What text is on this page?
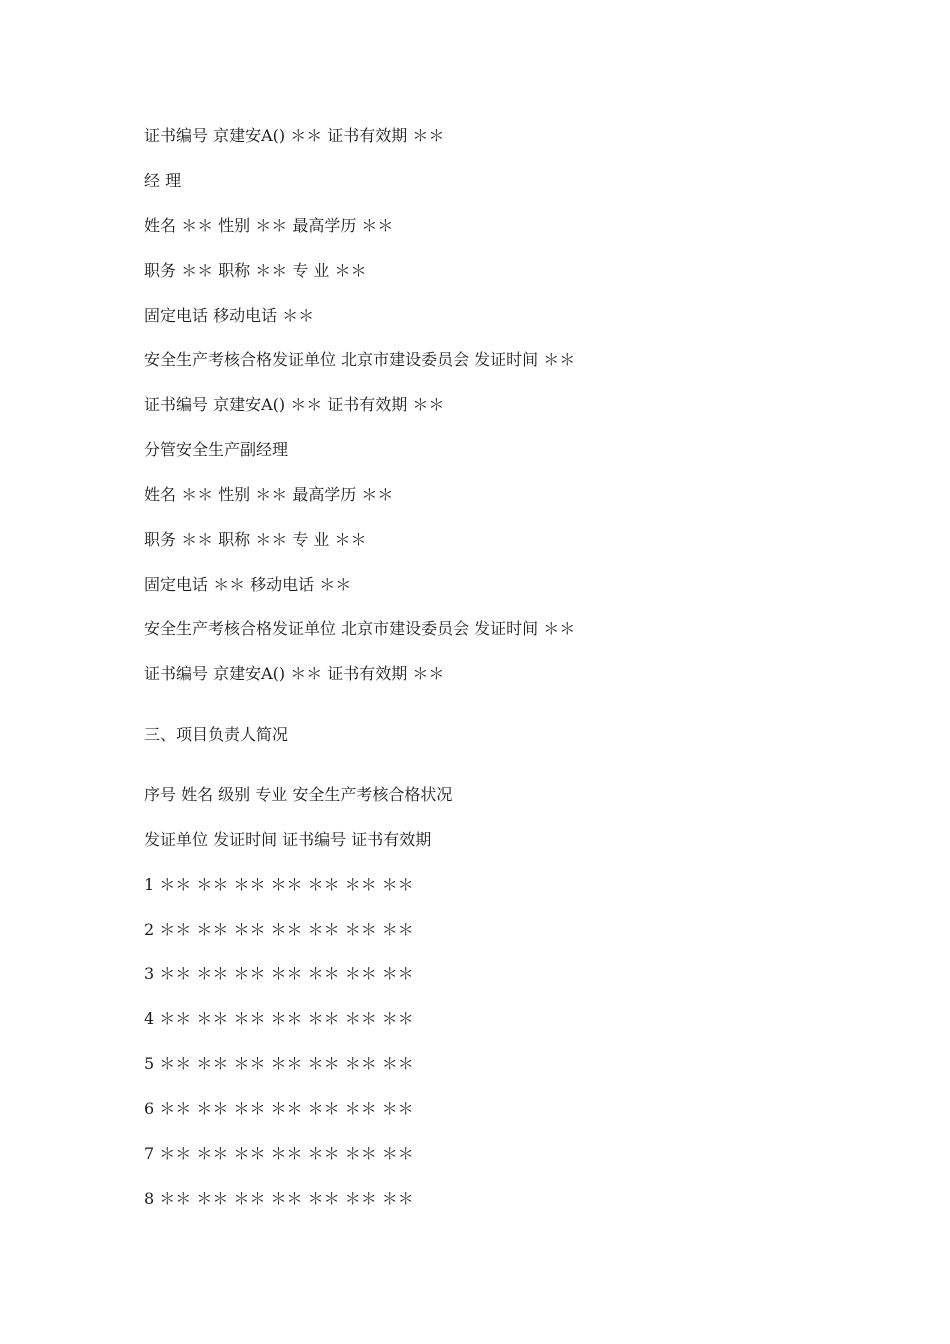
证书编号 京建安A() ＊＊ 证书有效期 ＊＊
经 理
姓名 ＊＊ 性别 ＊＊ 最高学历 ＊＊
职务 ＊＊ 职称 ＊＊ 专 业 ＊＊
固定电话 移动电话 ＊＊
安全生产考核合格发证单位 北京市建设委员会 发证时间 ＊＊
证书编号 京建安A() ＊＊ 证书有效期 ＊＊
分管安全生产副经理
姓名 ＊＊ 性别 ＊＊ 最高学历 ＊＊
职务 ＊＊ 职称 ＊＊ 专 业 ＊＊
固定电话 ＊＊ 移动电话 ＊＊
安全生产考核合格发证单位 北京市建设委员会 发证时间 ＊＊
证书编号 京建安A() ＊＊ 证书有效期 ＊＊
三、项目负责人简况
序号 姓名 级别 专业 安全生产考核合格状况
发证单位 发证时间 证书编号 证书有效期
1 ＊＊ ＊＊ ＊＊ ＊＊ ＊＊ ＊＊ ＊＊
2 ＊＊ ＊＊ ＊＊ ＊＊ ＊＊ ＊＊ ＊＊
3 ＊＊ ＊＊ ＊＊ ＊＊ ＊＊ ＊＊ ＊＊
4 ＊＊ ＊＊ ＊＊ ＊＊ ＊＊ ＊＊ ＊＊
5 ＊＊ ＊＊ ＊＊ ＊＊ ＊＊ ＊＊ ＊＊
6 ＊＊ ＊＊ ＊＊ ＊＊ ＊＊ ＊＊ ＊＊
7 ＊＊ ＊＊ ＊＊ ＊＊ ＊＊ ＊＊ ＊＊
8 ＊＊ ＊＊ ＊＊ ＊＊ ＊＊ ＊＊ ＊＊
